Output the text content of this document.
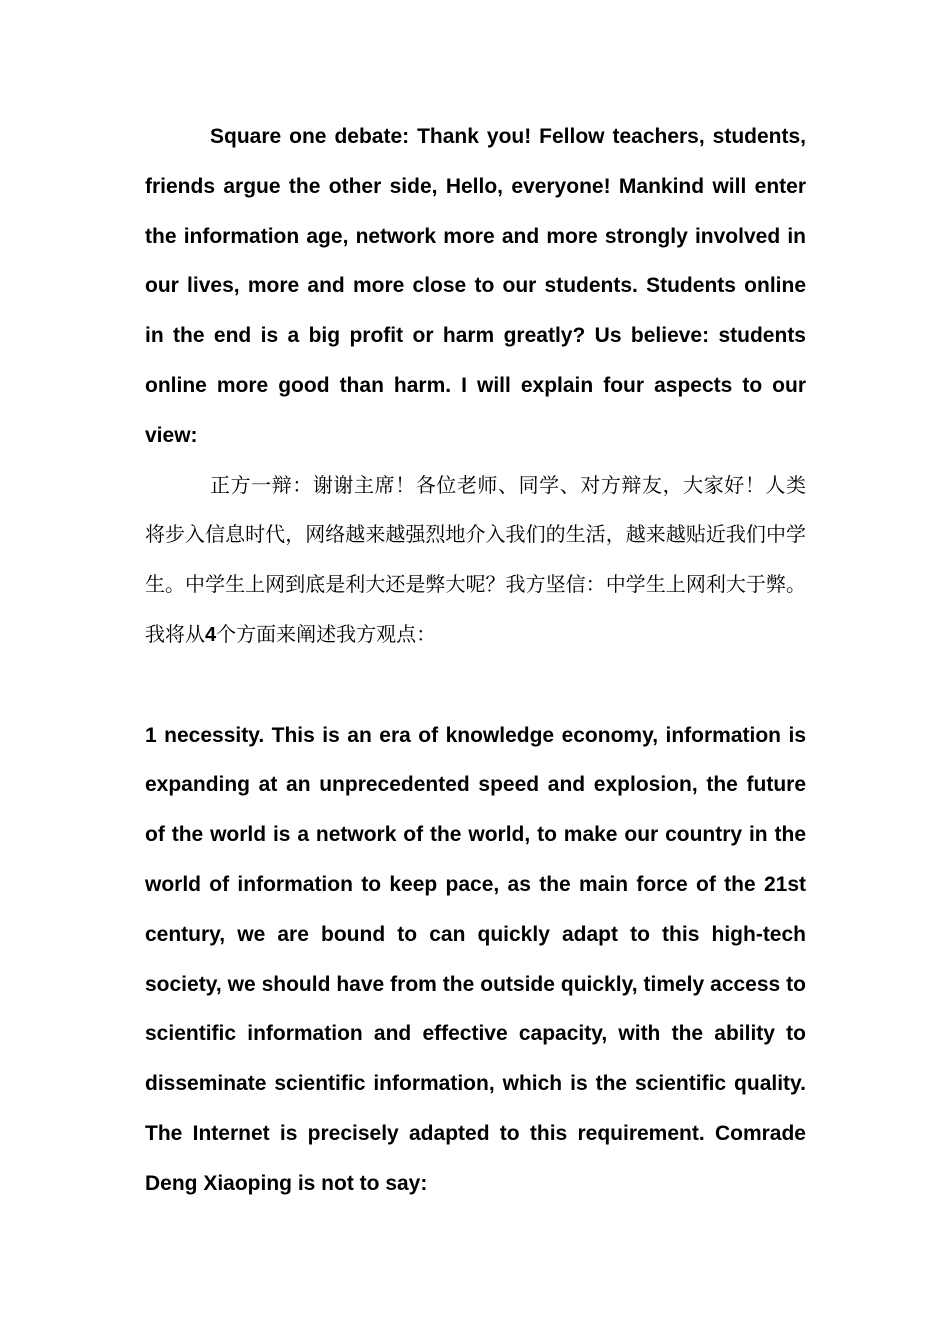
Square one debate: Thank you! Fellow teachers, students, friends argue the other side, Hello, everyone! Mankind will enter the information age, network more and more strongly involved in our lives, more and more close to our students. Students online in the end is a big profit or harm greatly? Us believe: students online more good than harm. I will explain four aspects to our view:

正方一辩：谢谢主席！各位老师、同学、对方辩友，大家好！人类将步入信息时代，网络越来越强烈地介入我们的生活，越来越贴近我们中学生。中学生上网到底是利大还是弊大呢？我方坚信：中学生上网利大于弊。我将从4个方面来阐述我方观点：

1 necessity. This is an era of knowledge economy, information is expanding at an unprecedented speed and explosion, the future of the world is a network of the world, to make our country in the world of information to keep pace, as the main force of the 21st century, we are bound to can quickly adapt to this high-tech society, we should have from the outside quickly, timely access to scientific information and effective capacity, with the ability to disseminate scientific information, which is the scientific quality. The Internet is precisely adapted to this requirement. Comrade Deng Xiaoping is not to say:
